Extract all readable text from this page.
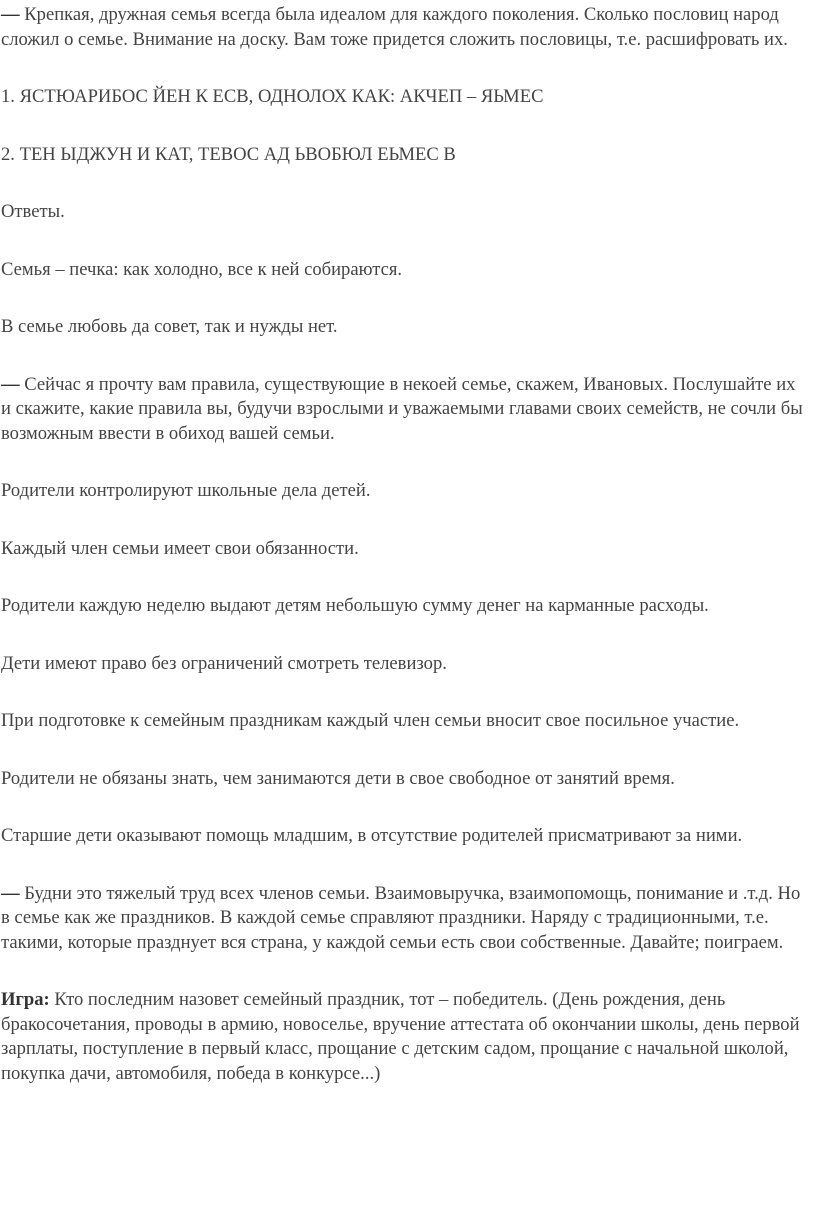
— Крепкая, дружная семья всегда была идеалом для каждого поколения. Сколько пословиц народ сложил о семье. Внимание на доску. Вам тоже придется сложить пословицы, т.е. расшифровать их.

1. ЯСТЮАРИБОС ЙЕН К ЕСВ, ОДНОЛОХ КАК: АКЧЕП – ЯЬМЕС

2. ТЕН ЫДЖУН И КАТ, ТЕВОС АД ЬВОБЮЛ ЕЬМЕС В

Ответы.

Семья – печка: как холодно, все к ней собираются.

В семье любовь да совет, так и нужды нет.

— Сейчас я прочту вам правила, существующие в некоей семье, скажем, Ивановых. Послушайте их и скажите, какие правила вы, будучи взрослыми и уважаемыми главами своих семейств, не сочли бы возможным ввести в обиход вашей семьи.

Родители контролируют школьные дела детей.

Каждый член семьи имеет свои обязанности.

Родители каждую неделю выдают детям небольшую сумму денег на карманные расходы.

Дети имеют право без ограничений смотреть телевизор.

При подготовке к семейным праздникам каждый член семьи вносит свое посильное участие.

Родители не обязаны знать, чем занимаются дети в свое свободное от занятий время.

Старшие дети оказывают помощь младшим, в отсутствие родителей присматривают за ними.

— Будни это тяжелый труд всех членов семьи. Взаимовыручка, взаимопомощь, понимание и .т.д. Но в семье как же праздников. В каждой семье справляют праздники. Наряду с традиционными, т.е. такими, которые празднует вся страна, у каждой семьи есть свои собственные. Давайте; поиграем.

Игра: Кто последним назовет семейный праздник, тот – победитель. (День рождения, день бракосочетания, проводы в армию, новоселье, вручение аттестата об окончании школы, день первой зарплаты, поступление в первый класс, прощание с детским садом, прощание с начальной школой, покупка дачи, автомобиля, победа в конкурсе...)
